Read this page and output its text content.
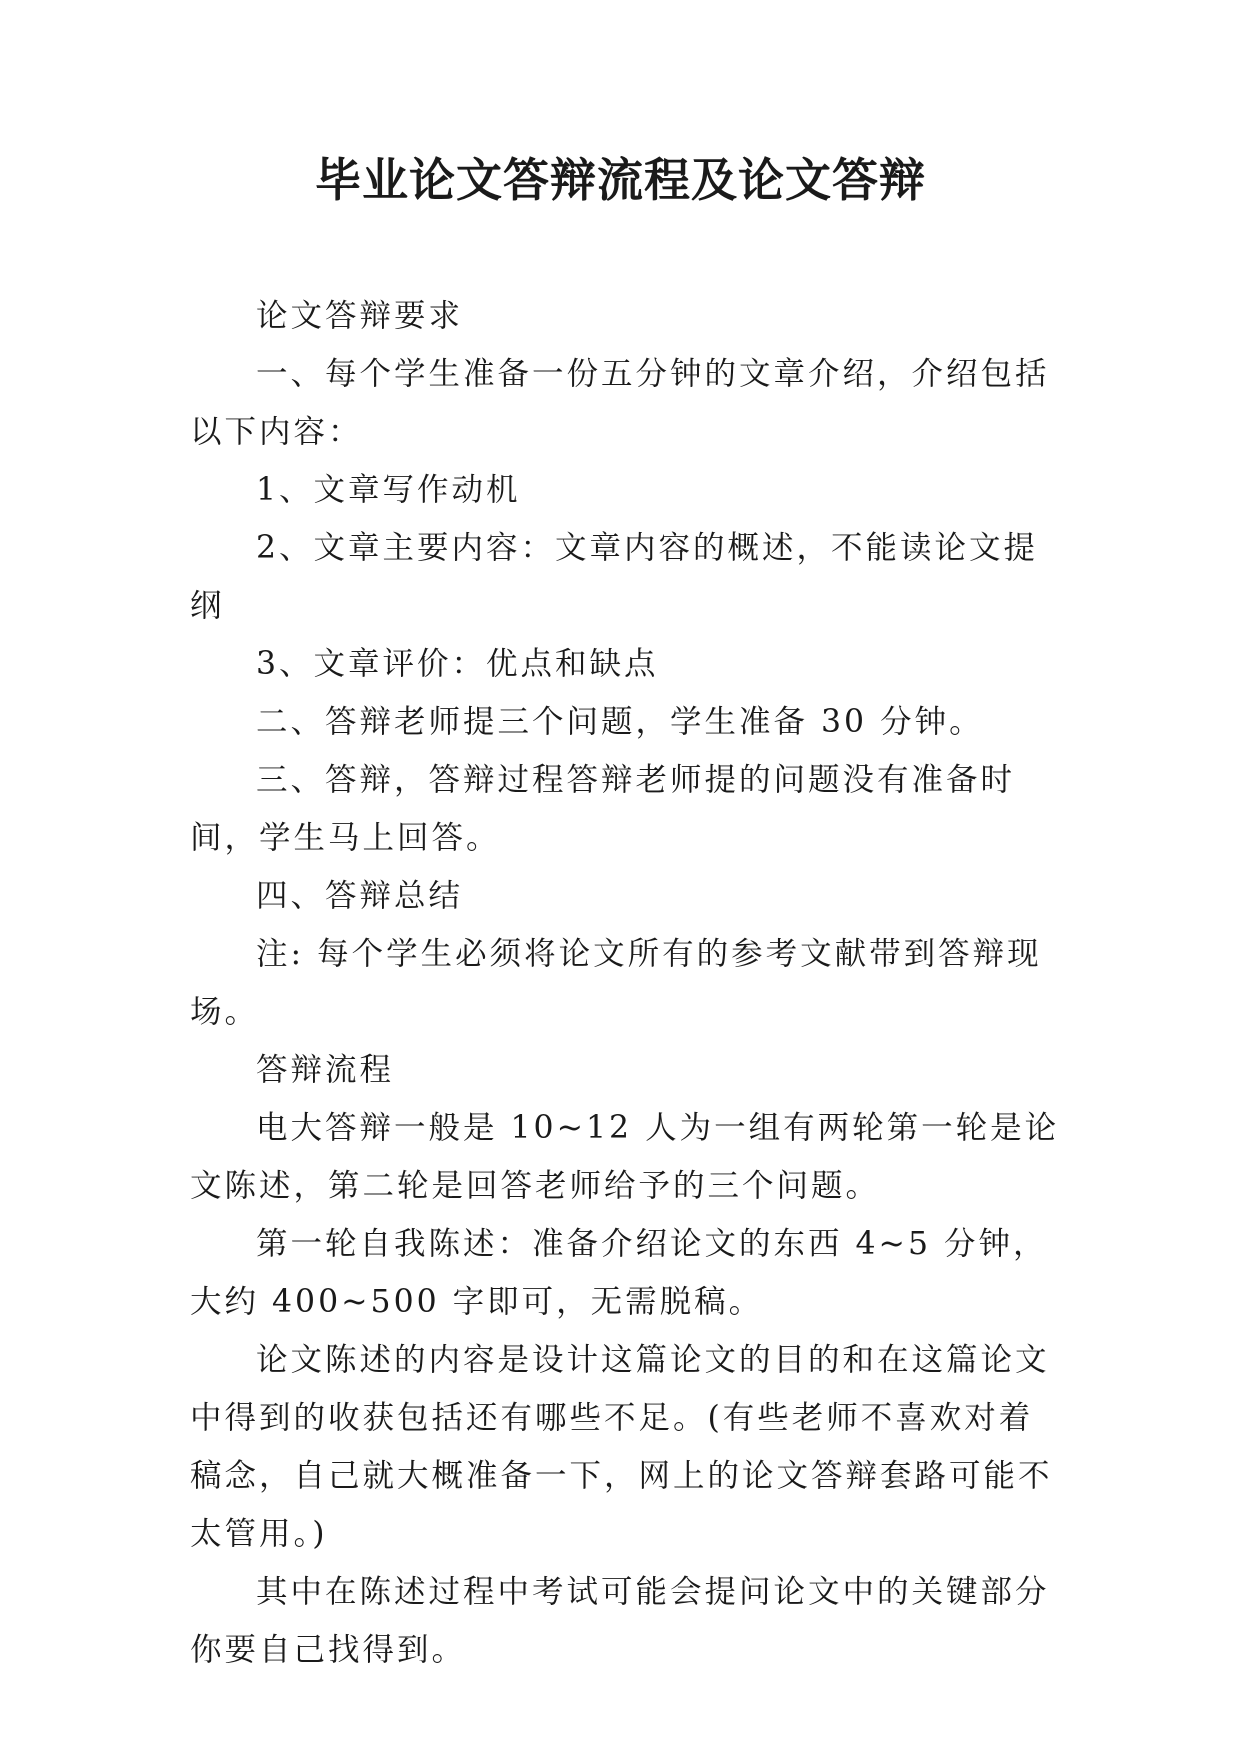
毕业论文答辩流程及论文答辩

论文答辩要求

一、每个学生准备一份五分钟的文章介绍，介绍包括以下内容：

1、文章写作动机

2、文章主要内容：文章内容的概述，不能读论文提纲

3、文章评价：优点和缺点

二、答辩老师提三个问题，学生准备 30 分钟。

三、答辩，答辩过程答辩老师提的问题没有准备时间，学生马上回答。

四、答辩总结

注: 每个学生必须将论文所有的参考文献带到答辩现场。

答辩流程

电大答辩一般是 10~12 人为一组有两轮第一轮是论文陈述，第二轮是回答老师给予的三个问题。

第一轮自我陈述：准备介绍论文的东西 4~5 分钟，大约 400~500 字即可，无需脱稿。

论文陈述的内容是设计这篇论文的目的和在这篇论文中得到的收获包括还有哪些不足。(有些老师不喜欢对着稿念，自己就大概准备一下，网上的论文答辩套路可能不太管用。)

其中在陈述过程中考试可能会提问论文中的关键部分你要自己找得到。
